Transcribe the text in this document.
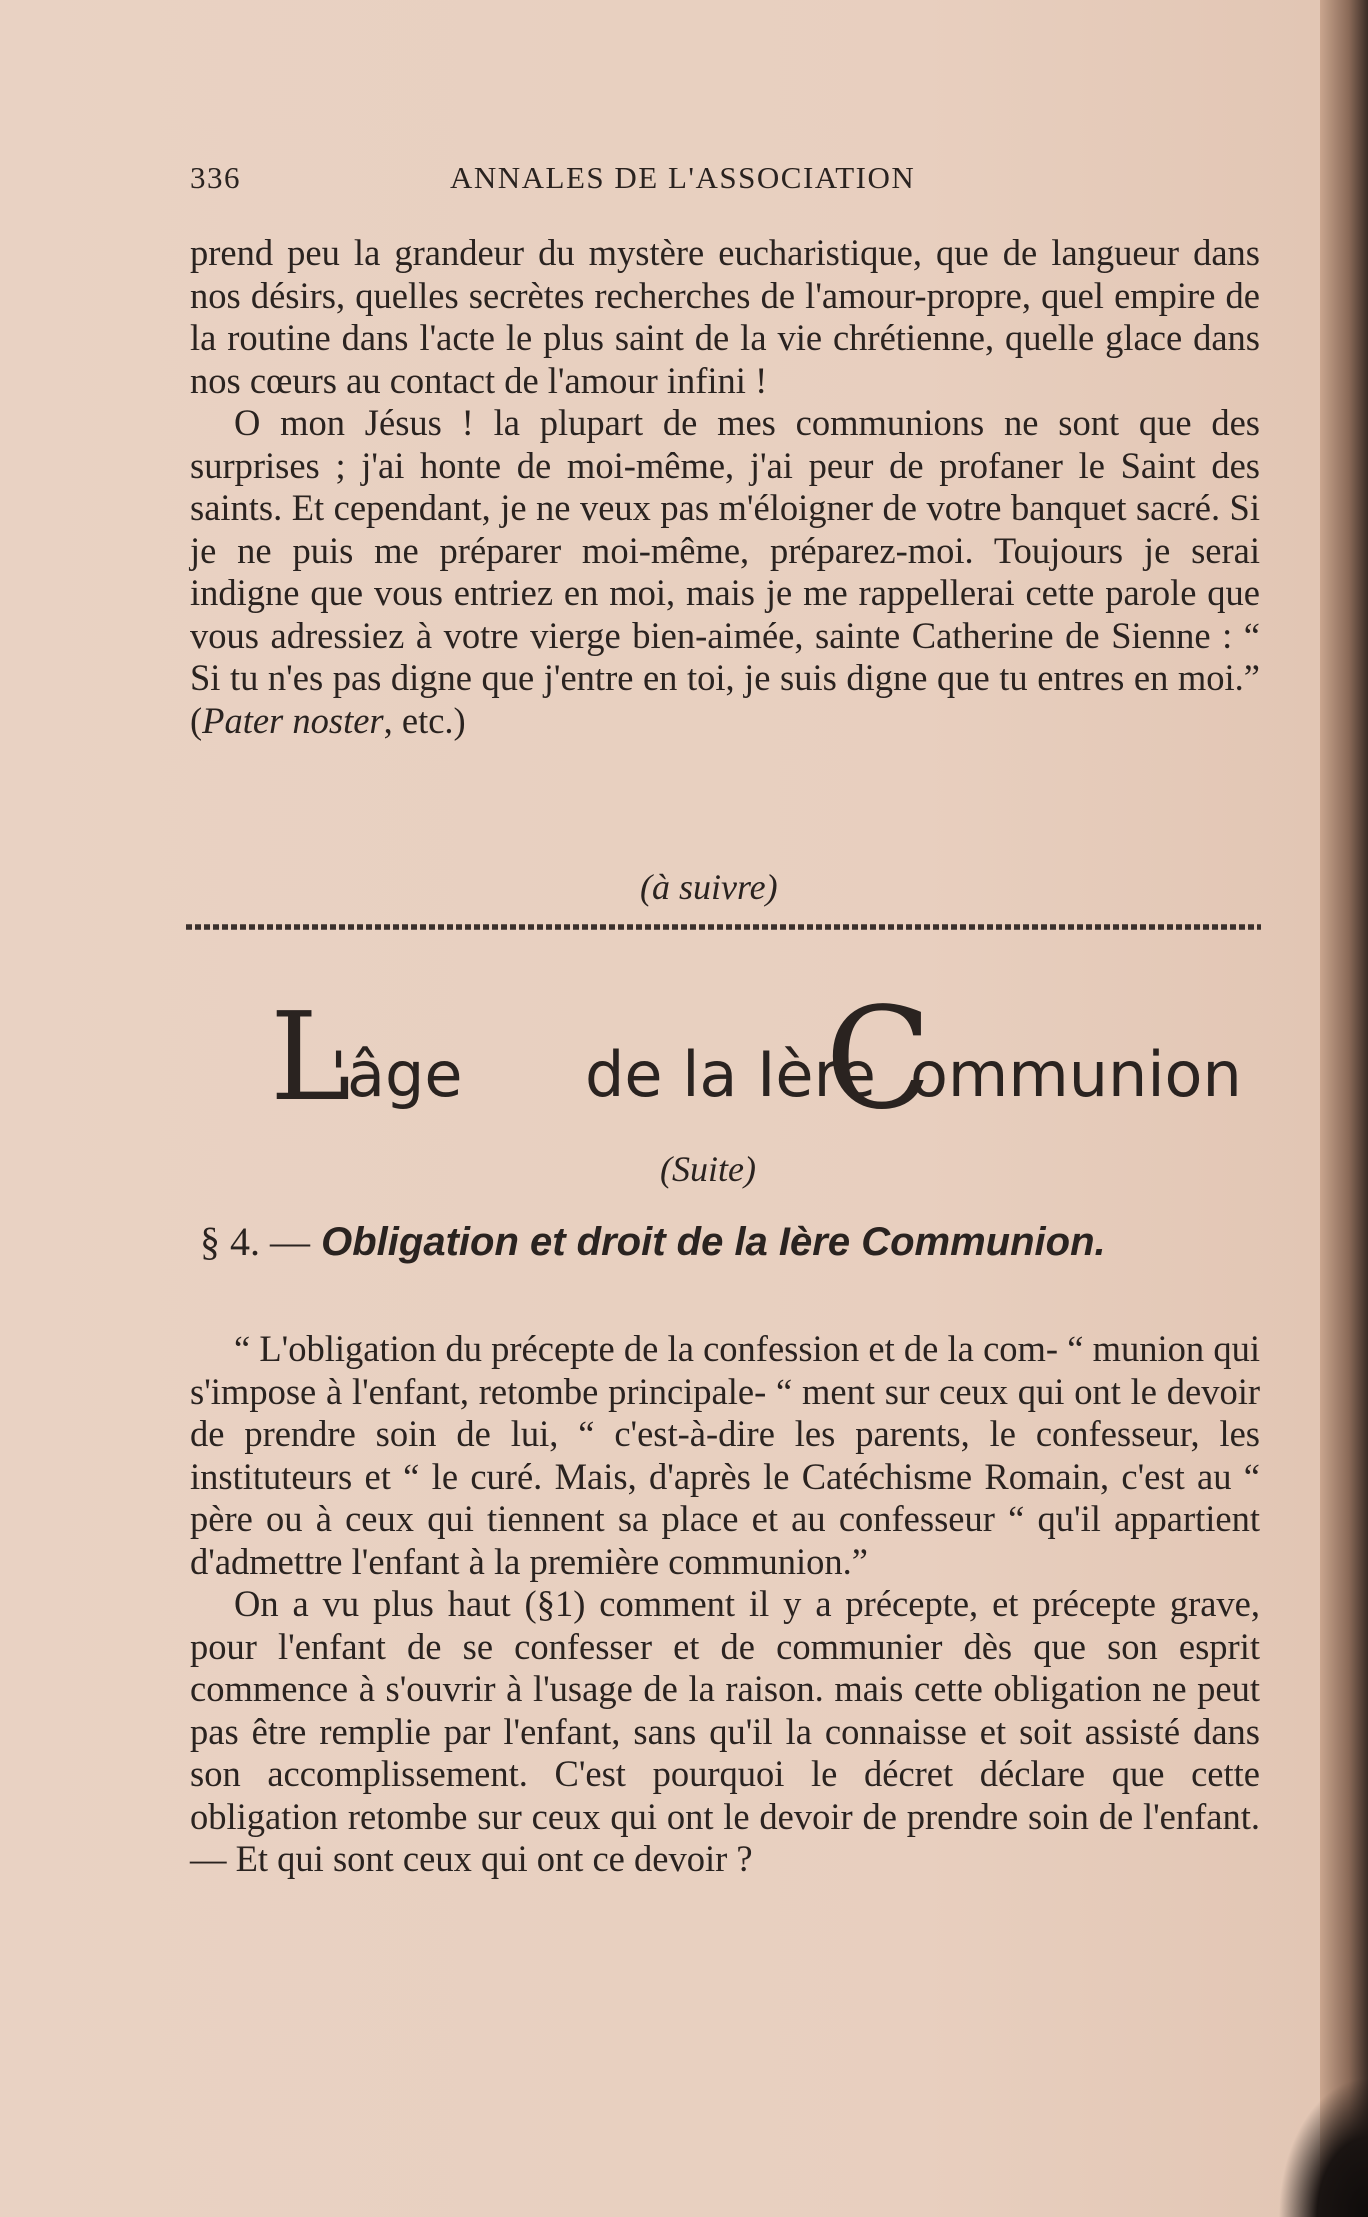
336	ANNALES DE L'ASSOCIATION

prend peu la grandeur du mystère eucharistique, que de langueur dans nos désirs, quelles secrètes recherches de l'amour-propre, quel empire de la routine dans l'acte le plus saint de la vie chrétienne, quelle glace dans nos cœurs au contact de l'amour infini !

O mon Jésus ! la plupart de mes communions ne sont que des surprises ; j'ai honte de moi-même, j'ai peur de profaner le Saint des saints. Et cependant, je ne veux pas m'éloigner de votre banquet sacré. Si je ne puis me préparer moi-même, préparez-moi. Toujours je serai indigne que vous entriez en moi, mais je me rappellerai cette parole que vous adressiez à votre vierge bien-aimée, sainte Catherine de Sienne : “ Si tu n'es pas digne que j'entre en toi, je suis digne que tu entres en moi.” (Pater noster, etc.)

(à suivre)
L
'âge de la Ière
C
ommunion
(Suite)
§ 4. — Obligation et droit de la Ière Communion.

“ L'obligation du précepte de la confession et de la com- “ munion qui s'impose à l'enfant, retombe principale- “ ment sur ceux qui ont le devoir de prendre soin de lui, “ c'est-à-dire les parents, le confesseur, les instituteurs et “ le curé. Mais, d'après le Catéchisme Romain, c'est au “ père ou à ceux qui tiennent sa place et au confesseur “ qu'il appartient d'admettre l'enfant à la première communion.”

On a vu plus haut (§1) comment il y a précepte, et précepte grave, pour l'enfant de se confesser et de communier dès que son esprit commence à s'ouvrir à l'usage de la raison. mais cette obligation ne peut pas être remplie par l'enfant, sans qu'il la connaisse et soit assisté dans son accomplissement. C'est pourquoi le décret déclare que cette obligation retombe sur ceux qui ont le devoir de prendre soin de l'enfant. — Et qui sont ceux qui ont ce devoir ?
